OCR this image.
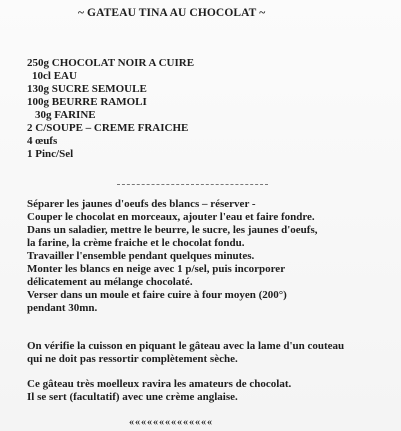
~ GATEAU TINA AU CHOCOLAT ~
250g CHOCOLAT NOIR A CUIRE
10cl EAU
130g SUCRE SEMOULE
100g BEURRE RAMOLI
30g FARINE
2 C/SOUPE – CREME FRAICHE
4 œufs
1 Pinc/Sel
Séparer les jaunes d'oeufs des blancs – réserver -
Couper le chocolat en morceaux, ajouter l'eau et faire fondre.
Dans un saladier, mettre le beurre, le sucre, les jaunes d'oeufs,
la farine, la crème fraiche et le chocolat fondu.
Travailler l'ensemble pendant quelques minutes.
Monter les blancs en neige avec 1 p/sel, puis incorporer
délicatement au mélange chocolaté.
Verser dans un moule et faire cuire à four moyen (200°)
pendant 30mn.
On vérifie la cuisson en piquant le gâteau avec la lame d'un couteau
qui ne doit pas ressortir complètement sèche.
Ce gâteau très moelleux ravira les amateurs de chocolat.
Il se sert (facultatif) avec une crème anglaise.
««««««««««««««
